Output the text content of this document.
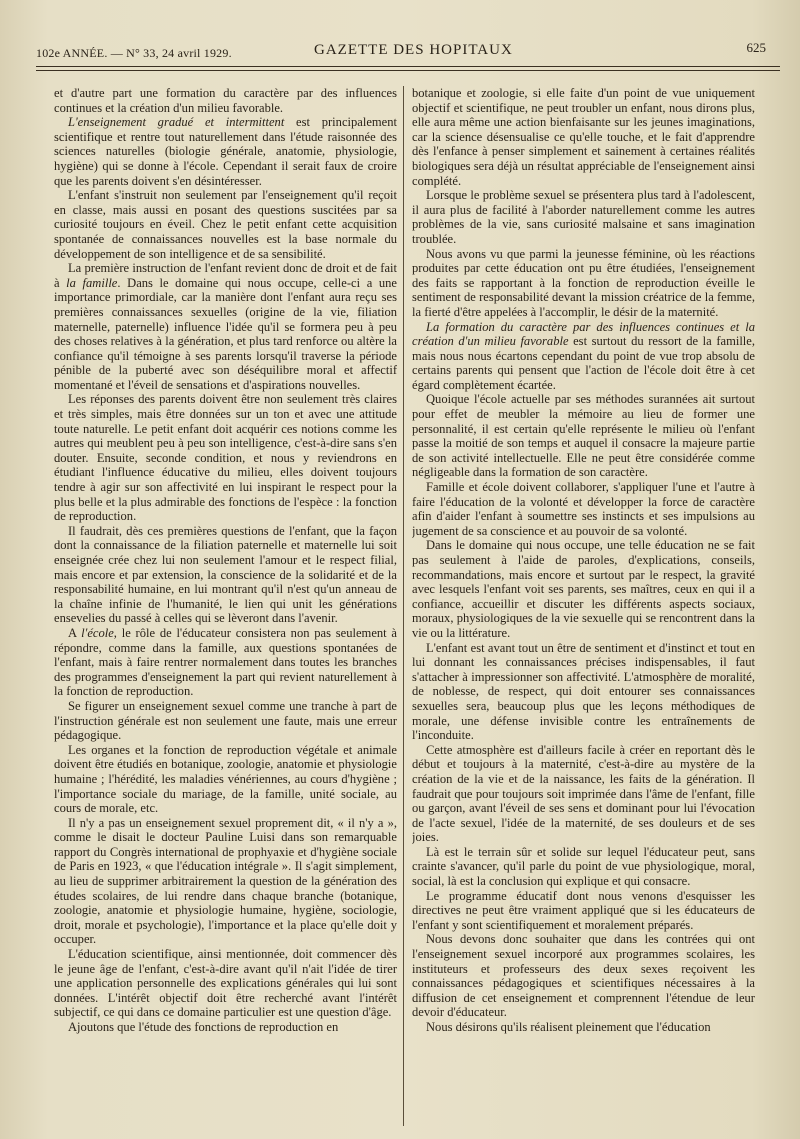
102e ANNÉE. — N° 33, 24 avril 1929.	GAZETTE DES HOPITAUX	625

et d'autre part une formation du caractère par des influences continues et la création d'un milieu favorable.

L'enseignement gradué et intermittent est principalement scientifique et rentre tout naturellement dans l'étude raisonnée des sciences naturelles (biologie générale, anatomie, physiologie, hygiène) qui se donne à l'école. Cependant il serait faux de croire que les parents doivent s'en désintéresser.

L'enfant s'instruit non seulement par l'enseignement qu'il reçoit en classe, mais aussi en posant des questions suscitées par sa curiosité toujours en éveil. Chez le petit enfant cette acquisition spontanée de connaissances nouvelles est la base normale du développement de son intelligence et de sa sensibilité.

La première instruction de l'enfant revient donc de droit et de fait à la famille. Dans le domaine qui nous occupe, celle-ci a une importance primordiale, car la manière dont l'enfant aura reçu ses premières connaissances sexuelles (origine de la vie, filiation maternelle, paternelle) influence l'idée qu'il se formera peu à peu des choses relatives à la génération, et plus tard renforce ou altère la confiance qu'il témoigne à ses parents lorsqu'il traverse la période pénible de la puberté avec son déséquilibre moral et affectif momentané et l'éveil de sensations et d'aspirations nouvelles.

Les réponses des parents doivent être non seulement très claires et très simples, mais être données sur un ton et avec une attitude toute naturelle. Le petit enfant doit acquérir ces notions comme les autres qui meublent peu à peu son intelligence, c'est-à-dire sans s'en douter. Ensuite, seconde condition, et nous y reviendrons en étudiant l'influence éducative du milieu, elles doivent toujours tendre à agir sur son affectivité en lui inspirant le respect pour la plus belle et la plus admirable des fonctions de l'espèce : la fonction de reproduction.

Il faudrait, dès ces premières questions de l'enfant, que la façon dont la connaissance de la filiation paternelle et maternelle lui soit enseignée crée chez lui non seulement l'amour et le respect filial, mais encore et par extension, la conscience de la solidarité et de la responsabilité humaine, en lui montrant qu'il n'est qu'un anneau de la chaîne infinie de l'humanité, le lien qui unit les générations ensevelies du passé à celles qui se lèveront dans l'avenir.

A l'école, le rôle de l'éducateur consistera non pas seulement à répondre, comme dans la famille, aux questions spontanées de l'enfant, mais à faire rentrer normalement dans toutes les branches des programmes d'enseignement la part qui revient naturellement à la fonction de reproduction.

Se figurer un enseignement sexuel comme une tranche à part de l'instruction générale est non seulement une faute, mais une erreur pédagogique.

Les organes et la fonction de reproduction végétale et animale doivent être étudiés en botanique, zoologie, anatomie et physiologie humaine ; l'hérédité, les maladies vénériennes, au cours d'hygiène ; l'importance sociale du mariage, de la famille, unité sociale, au cours de morale, etc.

Il n'y a pas un enseignement sexuel proprement dit, « il n'y a », comme le disait le docteur Pauline Luisi dans son remarquable rapport du Congrès international de prophyaxie et d'hygiène sociale de Paris en 1923, « que l'éducation intégrale ». Il s'agit simplement, au lieu de supprimer arbitrairement la question de la génération des études scolaires, de lui rendre dans chaque branche (botanique, zoologie, anatomie et physiologie humaine, hygiène, sociologie, droit, morale et psychologie), l'importance et la place qu'elle doit y occuper.

L'éducation scientifique, ainsi mentionnée, doit commencer dès le jeune âge de l'enfant, c'est-à-dire avant qu'il n'ait l'idée de tirer une application personnelle des explications générales qui lui sont données. L'intérêt objectif doit être recherché avant l'intérêt subjectif, ce qui dans ce domaine particulier est une question d'âge.

Ajoutons que l'étude des fonctions de reproduction en

botanique et zoologie, si elle faite d'un point de vue uniquement objectif et scientifique, ne peut troubler un enfant, nous dirons plus, elle aura même une action bienfaisante sur les jeunes imaginations, car la science désensualise ce qu'elle touche, et le fait d'apprendre dès l'enfance à penser simplement et sainement à certaines réalités biologiques sera déjà un résultat appréciable de l'enseignement ainsi complété.

Lorsque le problème sexuel se présentera plus tard à l'adolescent, il aura plus de facilité à l'aborder naturellement comme les autres problèmes de la vie, sans curiosité malsaine et sans imagination troublée.

Nous avons vu que parmi la jeunesse féminine, où les réactions produites par cette éducation ont pu être étudiées, l'enseignement des faits se rapportant à la fonction de reproduction éveille le sentiment de responsabilité devant la mission créatrice de la femme, la fierté d'être appelées à l'accomplir, le désir de la maternité.

La formation du caractère par des influences continues et la création d'un milieu favorable est surtout du ressort de la famille, mais nous nous écartons cependant du point de vue trop absolu de certains parents qui pensent que l'action de l'école doit être à cet égard complètement écartée.

Quoique l'école actuelle par ses méthodes surannées ait surtout pour effet de meubler la mémoire au lieu de former une personnalité, il est certain qu'elle représente le milieu où l'enfant passe la moitié de son temps et auquel il consacre la majeure partie de son activité intellectuelle. Elle ne peut être considérée comme négligeable dans la formation de son caractère.

Famille et école doivent collaborer, s'appliquer l'une et l'autre à faire l'éducation de la volonté et développer la force de caractère afin d'aider l'enfant à soumettre ses instincts et ses impulsions au jugement de sa conscience et au pouvoir de sa volonté.

Dans le domaine qui nous occupe, une telle éducation ne se fait pas seulement à l'aide de paroles, d'explications, conseils, recommandations, mais encore et surtout par le respect, la gravité avec lesquels l'enfant voit ses parents, ses maîtres, ceux en qui il a confiance, accueillir et discuter les différents aspects sociaux, moraux, physiologiques de la vie sexuelle qui se rencontrent dans la vie ou la littérature.

L'enfant est avant tout un être de sentiment et d'instinct et tout en lui donnant les connaissances précises indispensables, il faut s'attacher à impressionner son affectivité. L'atmosphère de moralité, de noblesse, de respect, qui doit entourer ses connaissances sexuelles sera, beaucoup plus que les leçons méthodiques de morale, une défense invisible contre les entraînements de l'inconduite.

Cette atmosphère est d'ailleurs facile à créer en reportant dès le début et toujours à la maternité, c'est-à-dire au mystère de la création de la vie et de la naissance, les faits de la génération. Il faudrait que pour toujours soit imprimée dans l'âme de l'enfant, fille ou garçon, avant l'éveil de ses sens et dominant pour lui l'évocation de l'acte sexuel, l'idée de la maternité, de ses douleurs et de ses joies.

Là est le terrain sûr et solide sur lequel l'éducateur peut, sans crainte s'avancer, qu'il parle du point de vue physiologique, moral, social, là est la conclusion qui explique et qui consacre.

Le programme éducatif dont nous venons d'esquisser les directives ne peut être vraiment appliqué que si les éducateurs de l'enfant y sont scientifiquement et moralement préparés.

Nous devons donc souhaiter que dans les contrées qui ont l'enseignement sexuel incorporé aux programmes scolaires, les instituteurs et professeurs des deux sexes reçoivent les connaissances pédagogiques et scientifiques nécessaires à la diffusion de cet enseignement et comprennent l'étendue de leur devoir d'éducateur.

Nous désirons qu'ils réalisent pleinement que l'éducation
